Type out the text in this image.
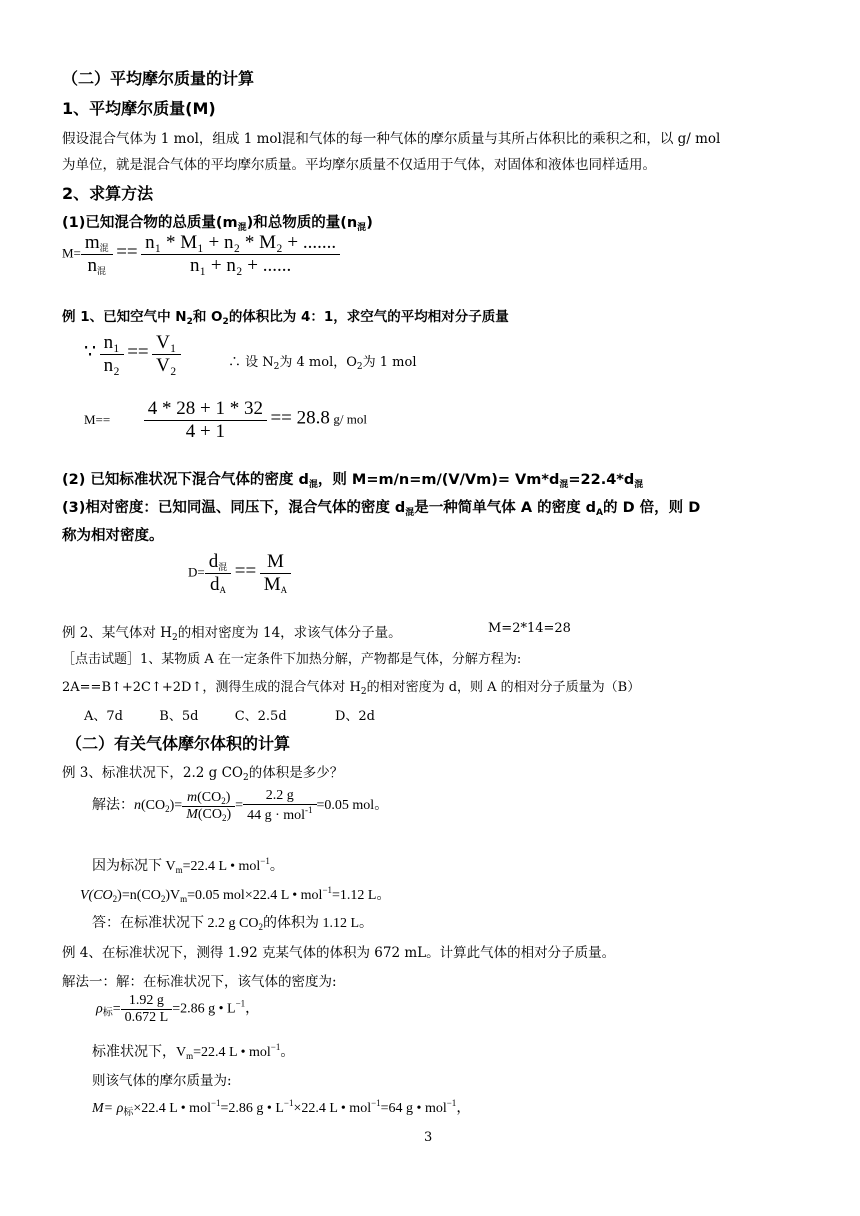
（二）平均摩尔质量的计算
1、平均摩尔质量(M)
假设混合气体为 1 mol，组成 1 mol混和气体的每一种气体的摩尔质量与其所占体积比的乘积之和，以 g/ mol
为单位，就是混合气体的平均摩尔质量。平均摩尔质量不仅适用于气体，对固体和液体也同样适用。
2、求算方法
(1)已知混合物的总质量$(m_混)$和总物质的量$(n_混)$
$M= \frac{m_混}{n_混} == \frac{\text{n₁ * M₁ + n₂ * M₂ + .......}}{\text{n₁ + n₂ + ......}}$
例 1、已知空气中 $N_2$和 $O_2$的体积比为 4：1，求空气的平均相对分子质量
∵ $\frac{\text{n₁}}{\text{n₂}} == \frac{\text{V₁}}{\text{V₂}}$	∴ 设 $N_2$为 4 mol，$O_2$为 1 mol
$M== \frac{4 * 28 + 1 * 32}{4 + 1} == 28.8$ g/ mol
(2) 已知标准状况下混合气体的密度 $d_混$，则 $M=m/n=m/(V/Vm)= Vm*d_混=22.4*d_混$
(3)相对密度：已知同温、同压下，混合气体的密度 $d_混$是一种简单气体 A 的密度 $d_A$的 D 倍，则 D
称为相对密度。
$D= \frac{d_混}{d_A} == \frac{M}{M_A}$
例 2、某气体对 $H_2$的相对密度为 14，求该气体分子量。	M=2*14=28
［点击试题］1、某物质 A 在一定条件下加热分解，产物都是气体，分解方程为:
2A==B↑+2C↑+2D↑，测得生成的混合气体对 $H_2$的相对密度为 d，则 A 的相对分子质量为（B）
A、7d	B、5d	C、2.5d	D、2d
（二）有关气体摩尔体积的计算
例 3、标准状况下，2.2 g $CO_2$的体积是多少？
解法：$n(CO_2)= \frac{m(CO_2)}{M(CO_2)} = \frac{2.2 g}{44 g \cdot mol^{-1}} =0.05$ mol。
因为标况下 $V_m=22.4$ L • mol$^{-1}$。
$V(CO_2)=n(CO_2)V_m=0.05$ mol×22.4 L • mol$^{-1}$=1.12 L。
答：在标准状况下 2.2 g $CO_2$的体积为 1.12 L。
例 4、在标准状况下，测得 1.92 克某气体的体积为 672 mL。计算此气体的相对分子质量。
解法一：解：在标准状况下，该气体的密度为:
$\rho_标= \frac{1.92 g}{0.672 L} =2.86$ g • $L^{-1}$，
标准状况下，$V_m=22.4$ L • mol$^{-1}$。
则该气体的摩尔质量为:
$M= \rho_标\times 22.4$ L • mol$^{-1}$=2.86 g • $L^{-1}\times 22.4$ L • mol$^{-1}$=64 g • mol$^{-1}$，
3
